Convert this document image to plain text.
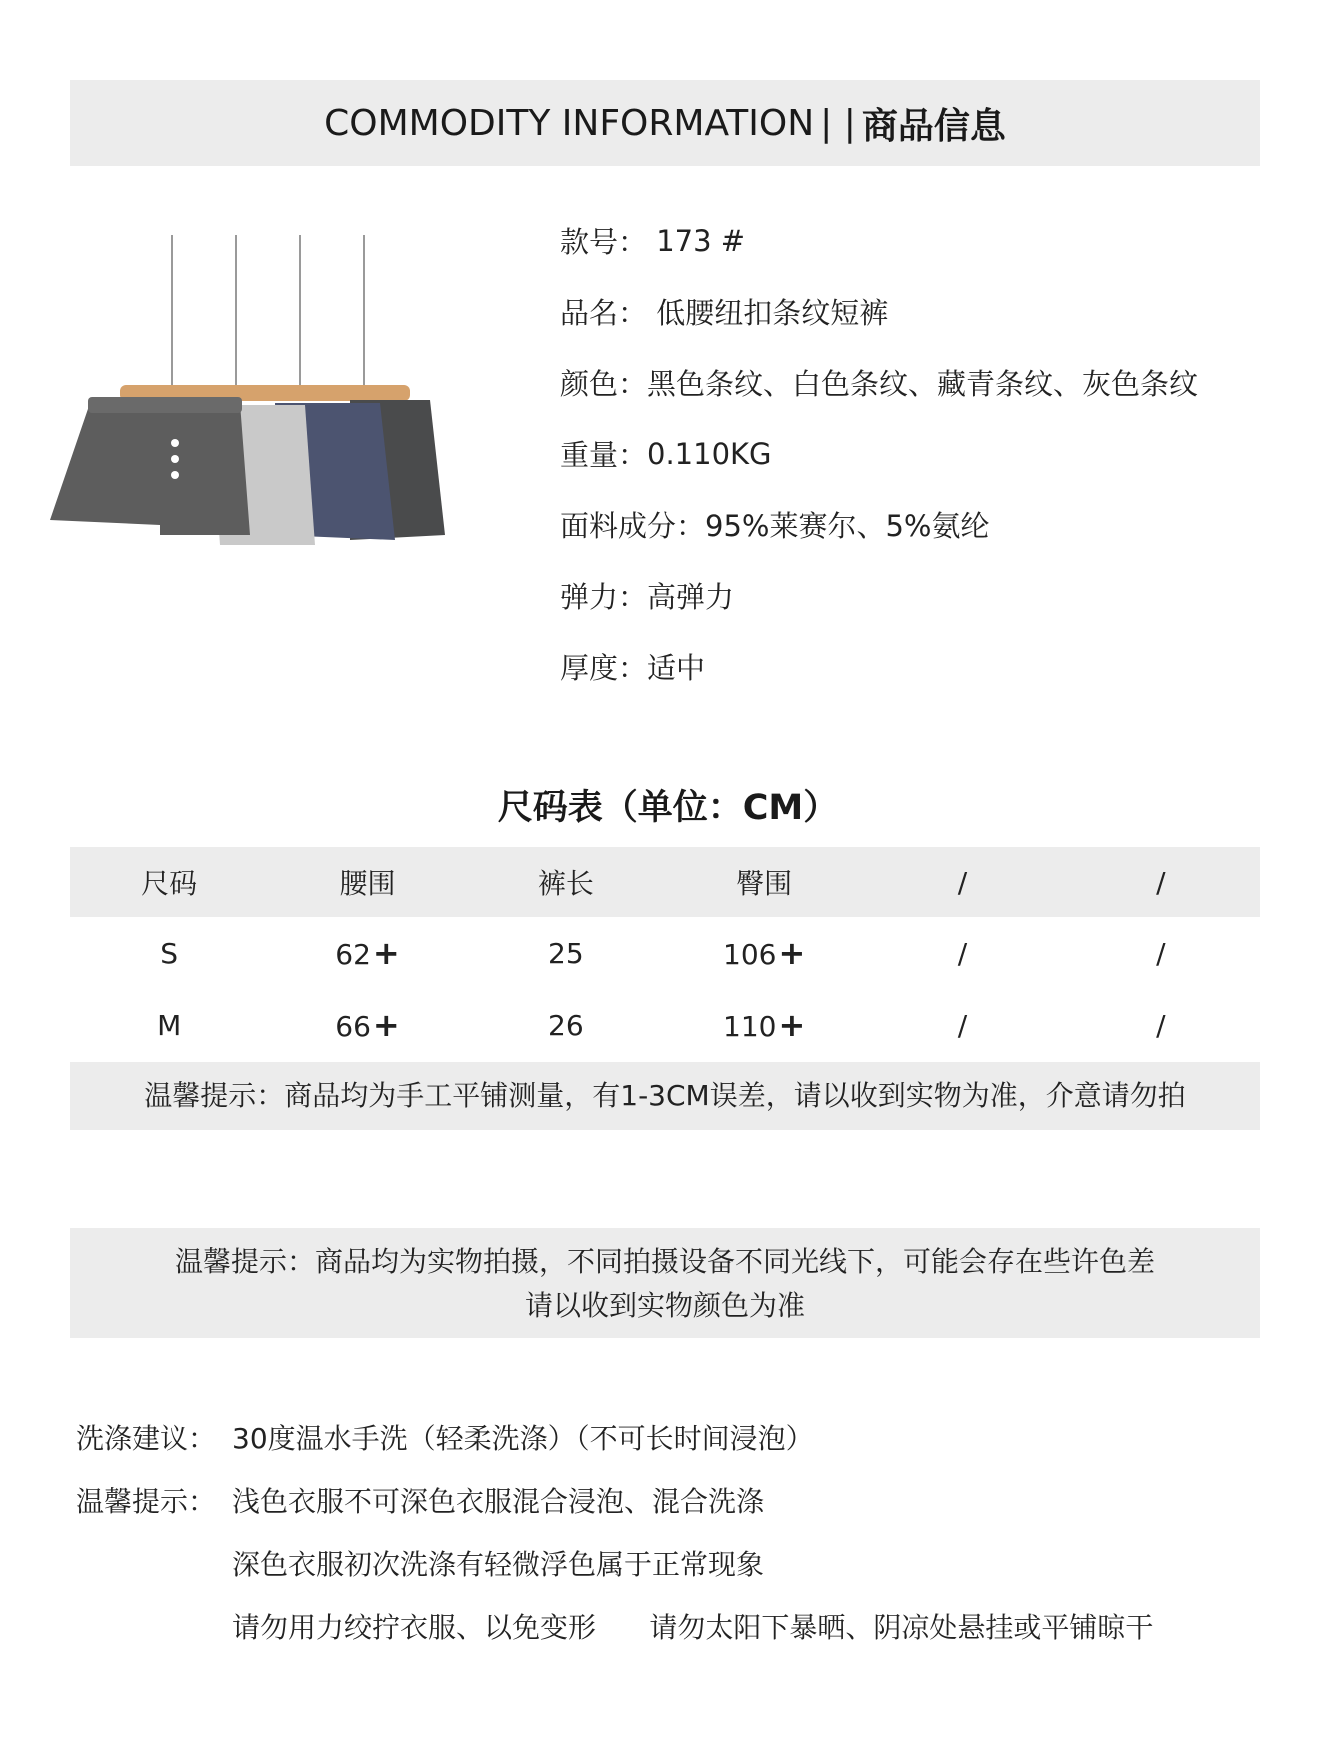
COMMODITY INFORMATION | | 商品信息
款号： 173 #
品名： 低腰纽扣条纹短裤
颜色： 黑色条纹、白色条纹、藏青条纹、灰色条纹
重量： 0.110KG
面料成分： 95%莱赛尔、5%氨纶
弹力： 高弹力
厚度： 适中
尺码表（单位：CM）
尺码	腰围	裤长	臀围	/	/
S	62+	25	106+	/	/
M	66+	26	110+	/	/
温馨提示：商品均为手工平铺测量，有1-3CM误差，请以收到实物为准，介意请勿拍
温馨提示：商品均为实物拍摄，不同拍摄设备不同光线下，可能会存在些许色差
请以收到实物颜色为准
洗涤建议： 30度温水手洗（轻柔洗涤）（不可长时间浸泡）
温馨提示： 浅色衣服不可深色衣服混合浸泡、混合洗涤
深色衣服初次洗涤有轻微浮色属于正常现象
请勿用力绞拧衣服、以免变形      请勿太阳下暴晒、阴凉处悬挂或平铺晾干
